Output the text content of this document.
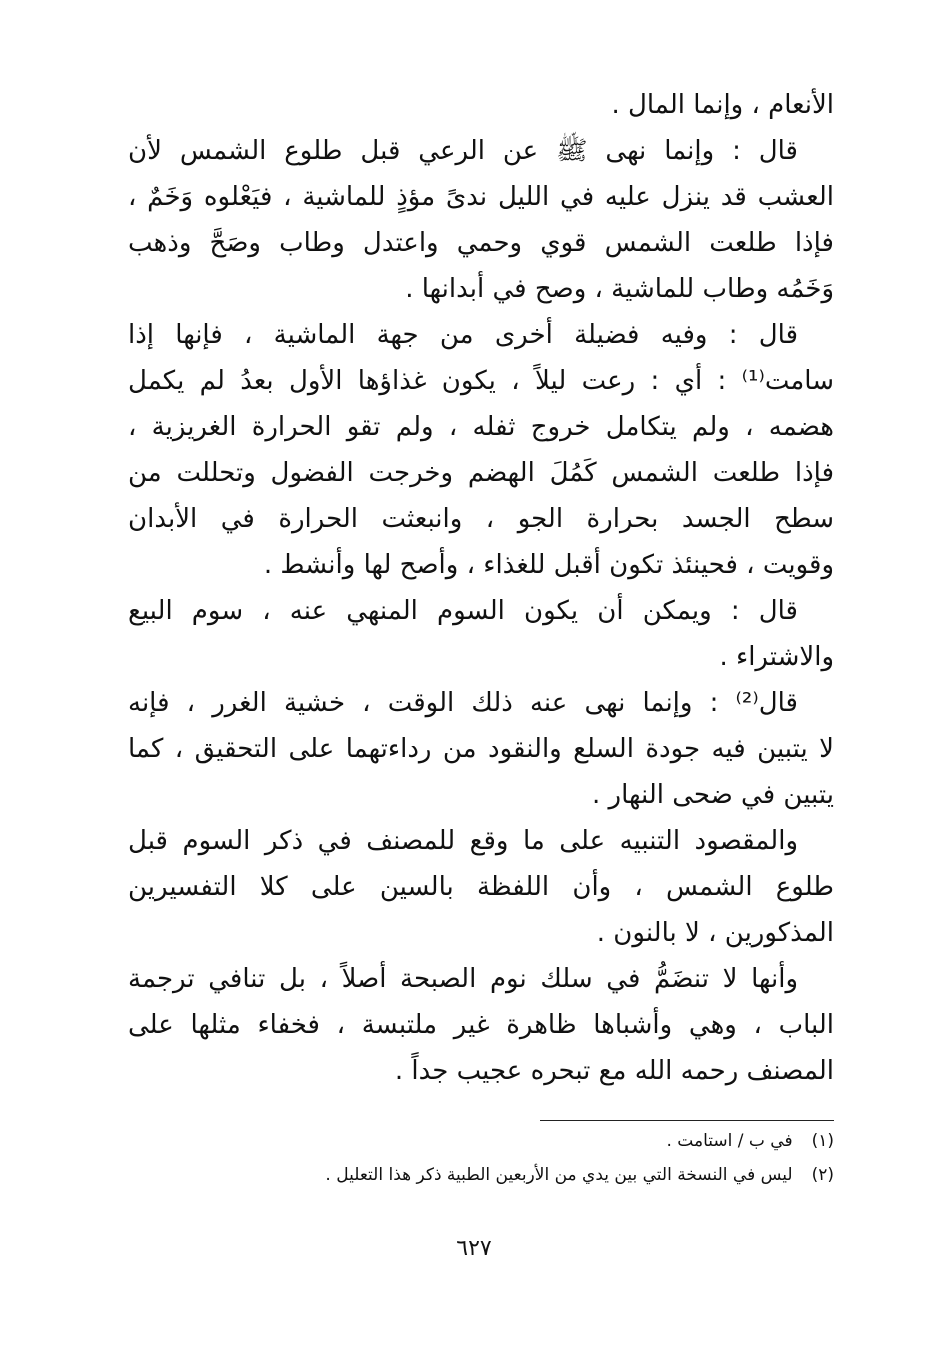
الأنعام ، وإنما المال .
قال : وإنما نهى ﷺ عن الرعي قبل طلوع الشمس لأن
العشب قد ينزل عليه في الليل ندىً مؤذٍ للماشية ، فيَعْلوه وَخَمٌ ،
فإذا طلعت الشمس قوي وحمي واعتدل وطاب وصَحَّ وذهب
وَخَمُه وطاب للماشية ، وصح في أبدانها .
قال : وفيه فضيلة أخرى من جهة الماشية ، فإنها إذا
سامت⁽¹⁾ : أي : رعت ليلاً ، يكون غذاؤها الأول بعدُ لم يكمل
هضمه ، ولم يتكامل خروج ثفله ، ولم تقو الحرارة الغريزية ،
فإذا طلعت الشمس كَمُلَ الهضم وخرجت الفضول وتحللت من
سطح الجسد بحرارة الجو ، وانبعثت الحرارة في الأبدان
وقويت ، فحينئذ تكون أقبل للغذاء ، وأصح لها وأنشط .
قال : ويمكن أن يكون السوم المنهي عنه ، سوم البيع
والاشتراء .
قال⁽²⁾ : وإنما نهى عنه ذلك الوقت ، خشية الغرر ، فإنه
لا يتبين فيه جودة السلع والنقود من رداءتهما على التحقيق ، كما
يتبين في ضحى النهار .
والمقصود التنبيه على ما وقع للمصنف في ذكر السوم قبل
طلوع الشمس ، وأن اللفظة بالسين على كلا التفسيرين
المذكورين ، لا بالنون .
وأنها لا تنضَمُّ في سلك نوم الصبحة أصلاً ، بل تنافي ترجمة
الباب ، وهي وأشباها ظاهرة غير ملتبسة ، فخفاء مثلها على
المصنف رحمه الله مع تبحره عجيب جداً .
(١) في ب / استامت .
(٢) ليس في النسخة التي بين يدي من الأربعين الطبية ذكر هذا التعليل .
٦٢٧
